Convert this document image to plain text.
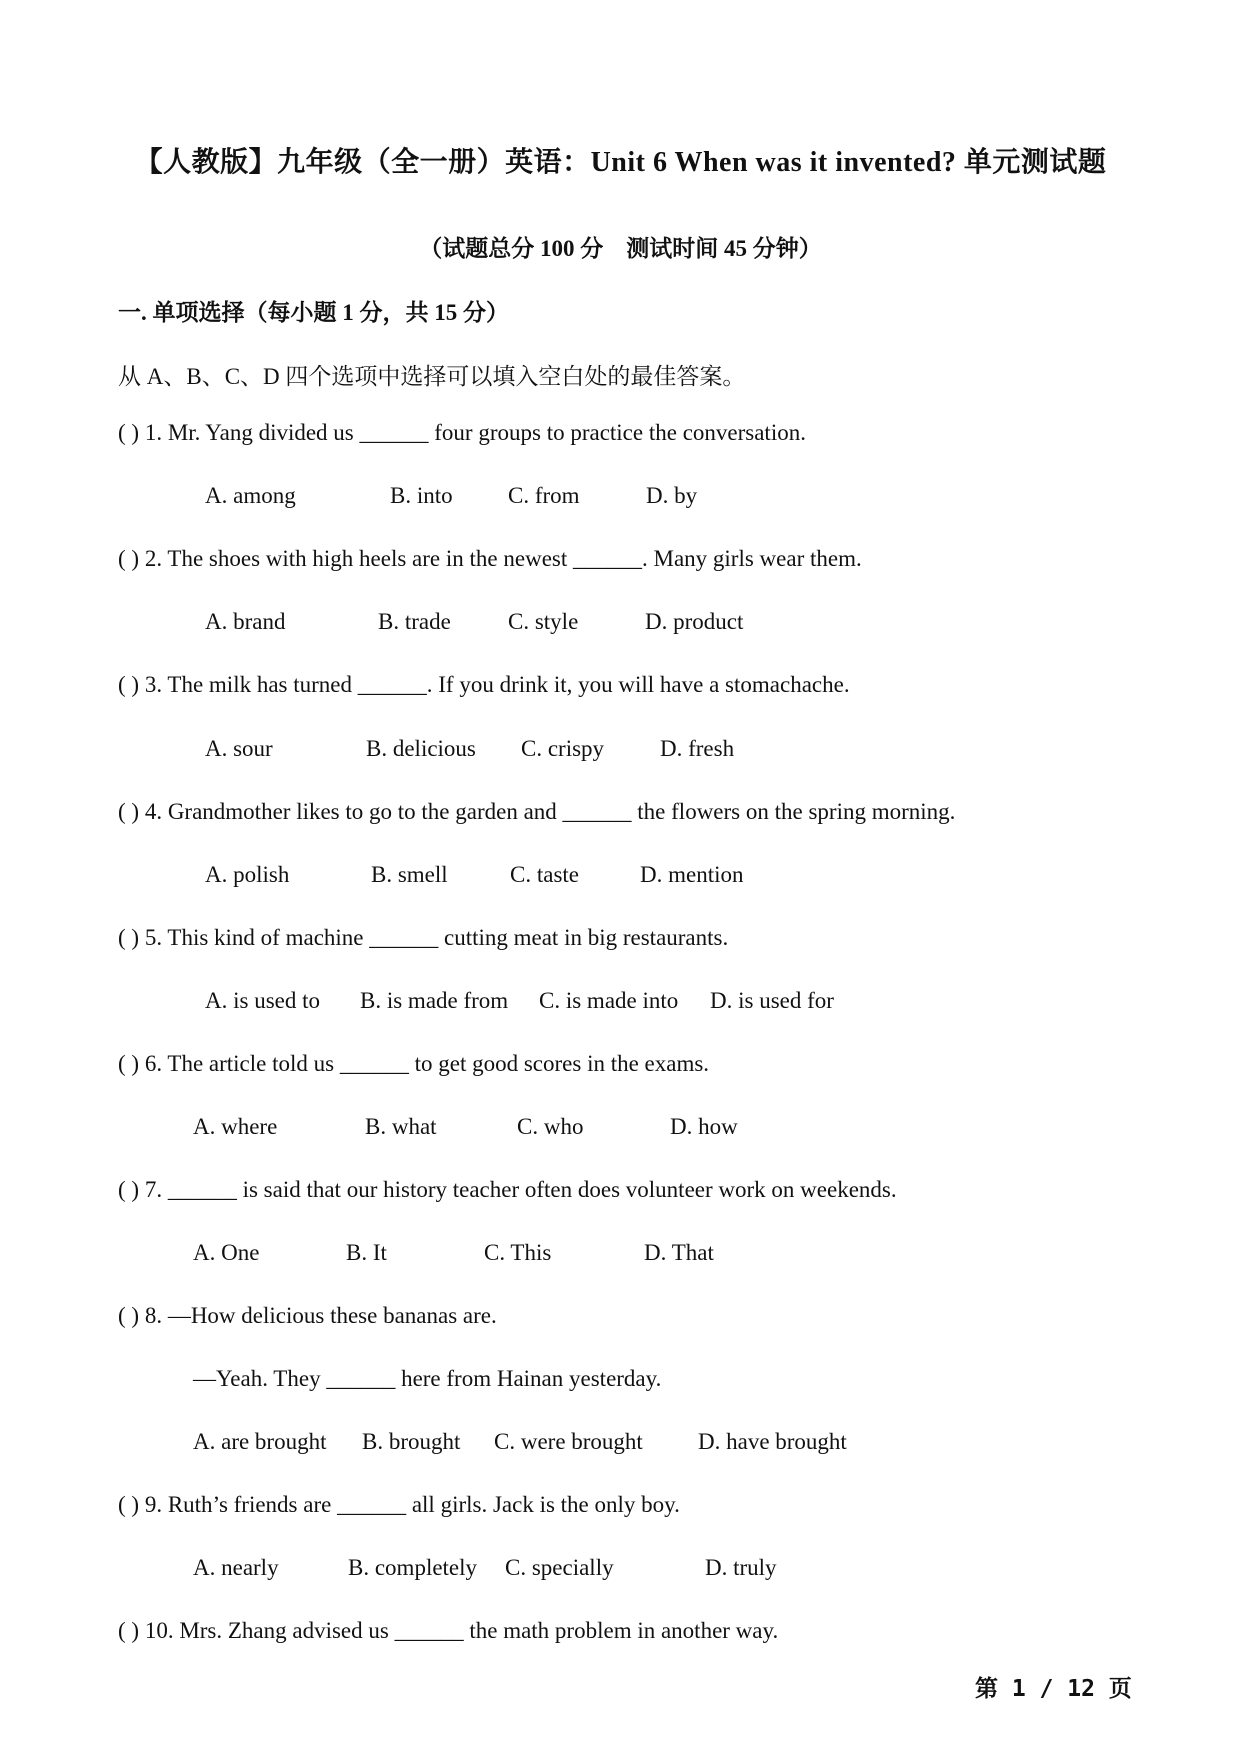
【人教版】九年级（全一册）英语：Unit 6 When was it invented? 单元测试题
（试题总分 100 分　测试时间 45 分钟）
一. 单项选择（每小题 1 分，共 15 分）
从 A、B、C、D 四个选项中选择可以填入空白处的最佳答案。
( ) 1. Mr. Yang divided us ______ four groups to practice the conversation.
A. among	B. into C. from	D. by
( ) 2. The shoes with high heels are in the newest ______. Many girls wear them.
A. brand	B. trade C. style	D. product
( ) 3. The milk has turned ______. If you drink it, you will have a stomachache.
A. sour	B. delicious C. crispy D. fresh
( ) 4. Grandmother likes to go to the garden and ______ the flowers on the spring morning.
A. polish	B. smell	C. taste	D. mention
( ) 5. This kind of machine ______ cutting meat in big restaurants.
A. is used to B. is made from C. is made into D. is used for
( ) 6. The article told us ______ to get good scores in the exams.
A. where	B. what	C. who	D. how
( ) 7. ______ is said that our history teacher often does volunteer work on weekends.
A. One	B. It	C. This	D. That
( ) 8. —How delicious these bananas are.
—Yeah. They ______ here from Hainan yesterday.
A. are brought B. brought C. were brought D. have brought
( ) 9. Ruth’s friends are ______ all girls. Jack is the only boy.
A. nearly	B. completely C. specially	D. truly
( ) 10. Mrs. Zhang advised us ______ the math problem in another way.
第 1 / 12 页
